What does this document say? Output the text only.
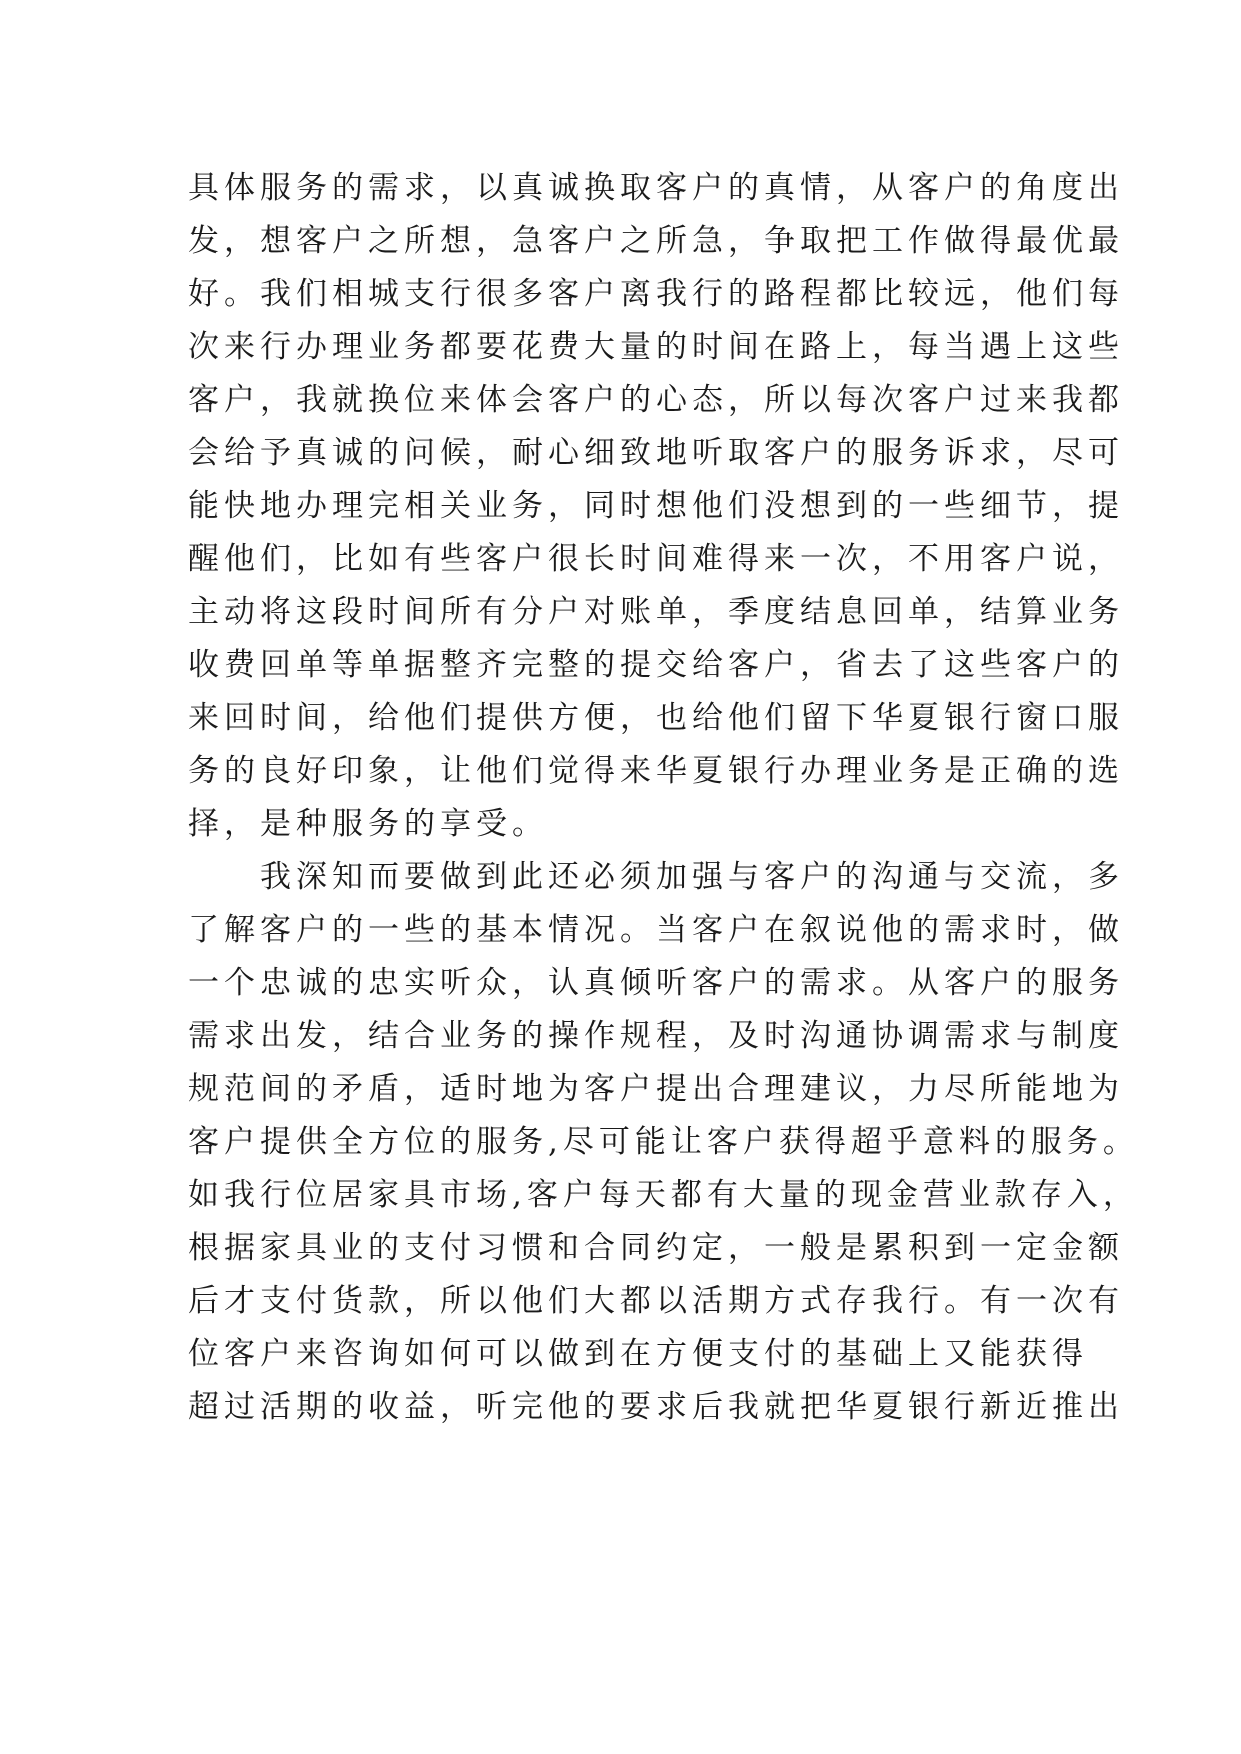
具体服务的需求，以真诚换取客户的真情，从客户的角度出
发，想客户之所想，急客户之所急，争取把工作做得最优最
好。我们相城支行很多客户离我行的路程都比较远，他们每
次来行办理业务都要花费大量的时间在路上，每当遇上这些
客户，我就换位来体会客户的心态，所以每次客户过来我都
会给予真诚的问候，耐心细致地听取客户的服务诉求，尽可
能快地办理完相关业务，同时想他们没想到的一些细节，提
醒他们，比如有些客户很长时间难得来一次，不用客户说，
主动将这段时间所有分户对账单，季度结息回单，结算业务
收费回单等单据整齐完整的提交给客户，省去了这些客户的
来回时间，给他们提供方便，也给他们留下华夏银行窗口服
务的良好印象，让他们觉得来华夏银行办理业务是正确的选
择，是种服务的享受。
我深知而要做到此还必须加强与客户的沟通与交流，多
了解客户的一些的基本情况。当客户在叙说他的需求时，做
一个忠诚的忠实听众，认真倾听客户的需求。从客户的服务
需求出发，结合业务的操作规程，及时沟通协调需求与制度
规范间的矛盾，适时地为客户提出合理建议，力尽所能地为
客户提供全方位的服务,尽可能让客户获得超乎意料的服务。
如我行位居家具市场,客户每天都有大量的现金营业款存入，
根据家具业的支付习惯和合同约定，一般是累积到一定金额
后才支付货款，所以他们大都以活期方式存我行。有一次有
位客户来咨询如何可以做到在方便支付的基础上又能获得
超过活期的收益，听完他的要求后我就把华夏银行新近推出
